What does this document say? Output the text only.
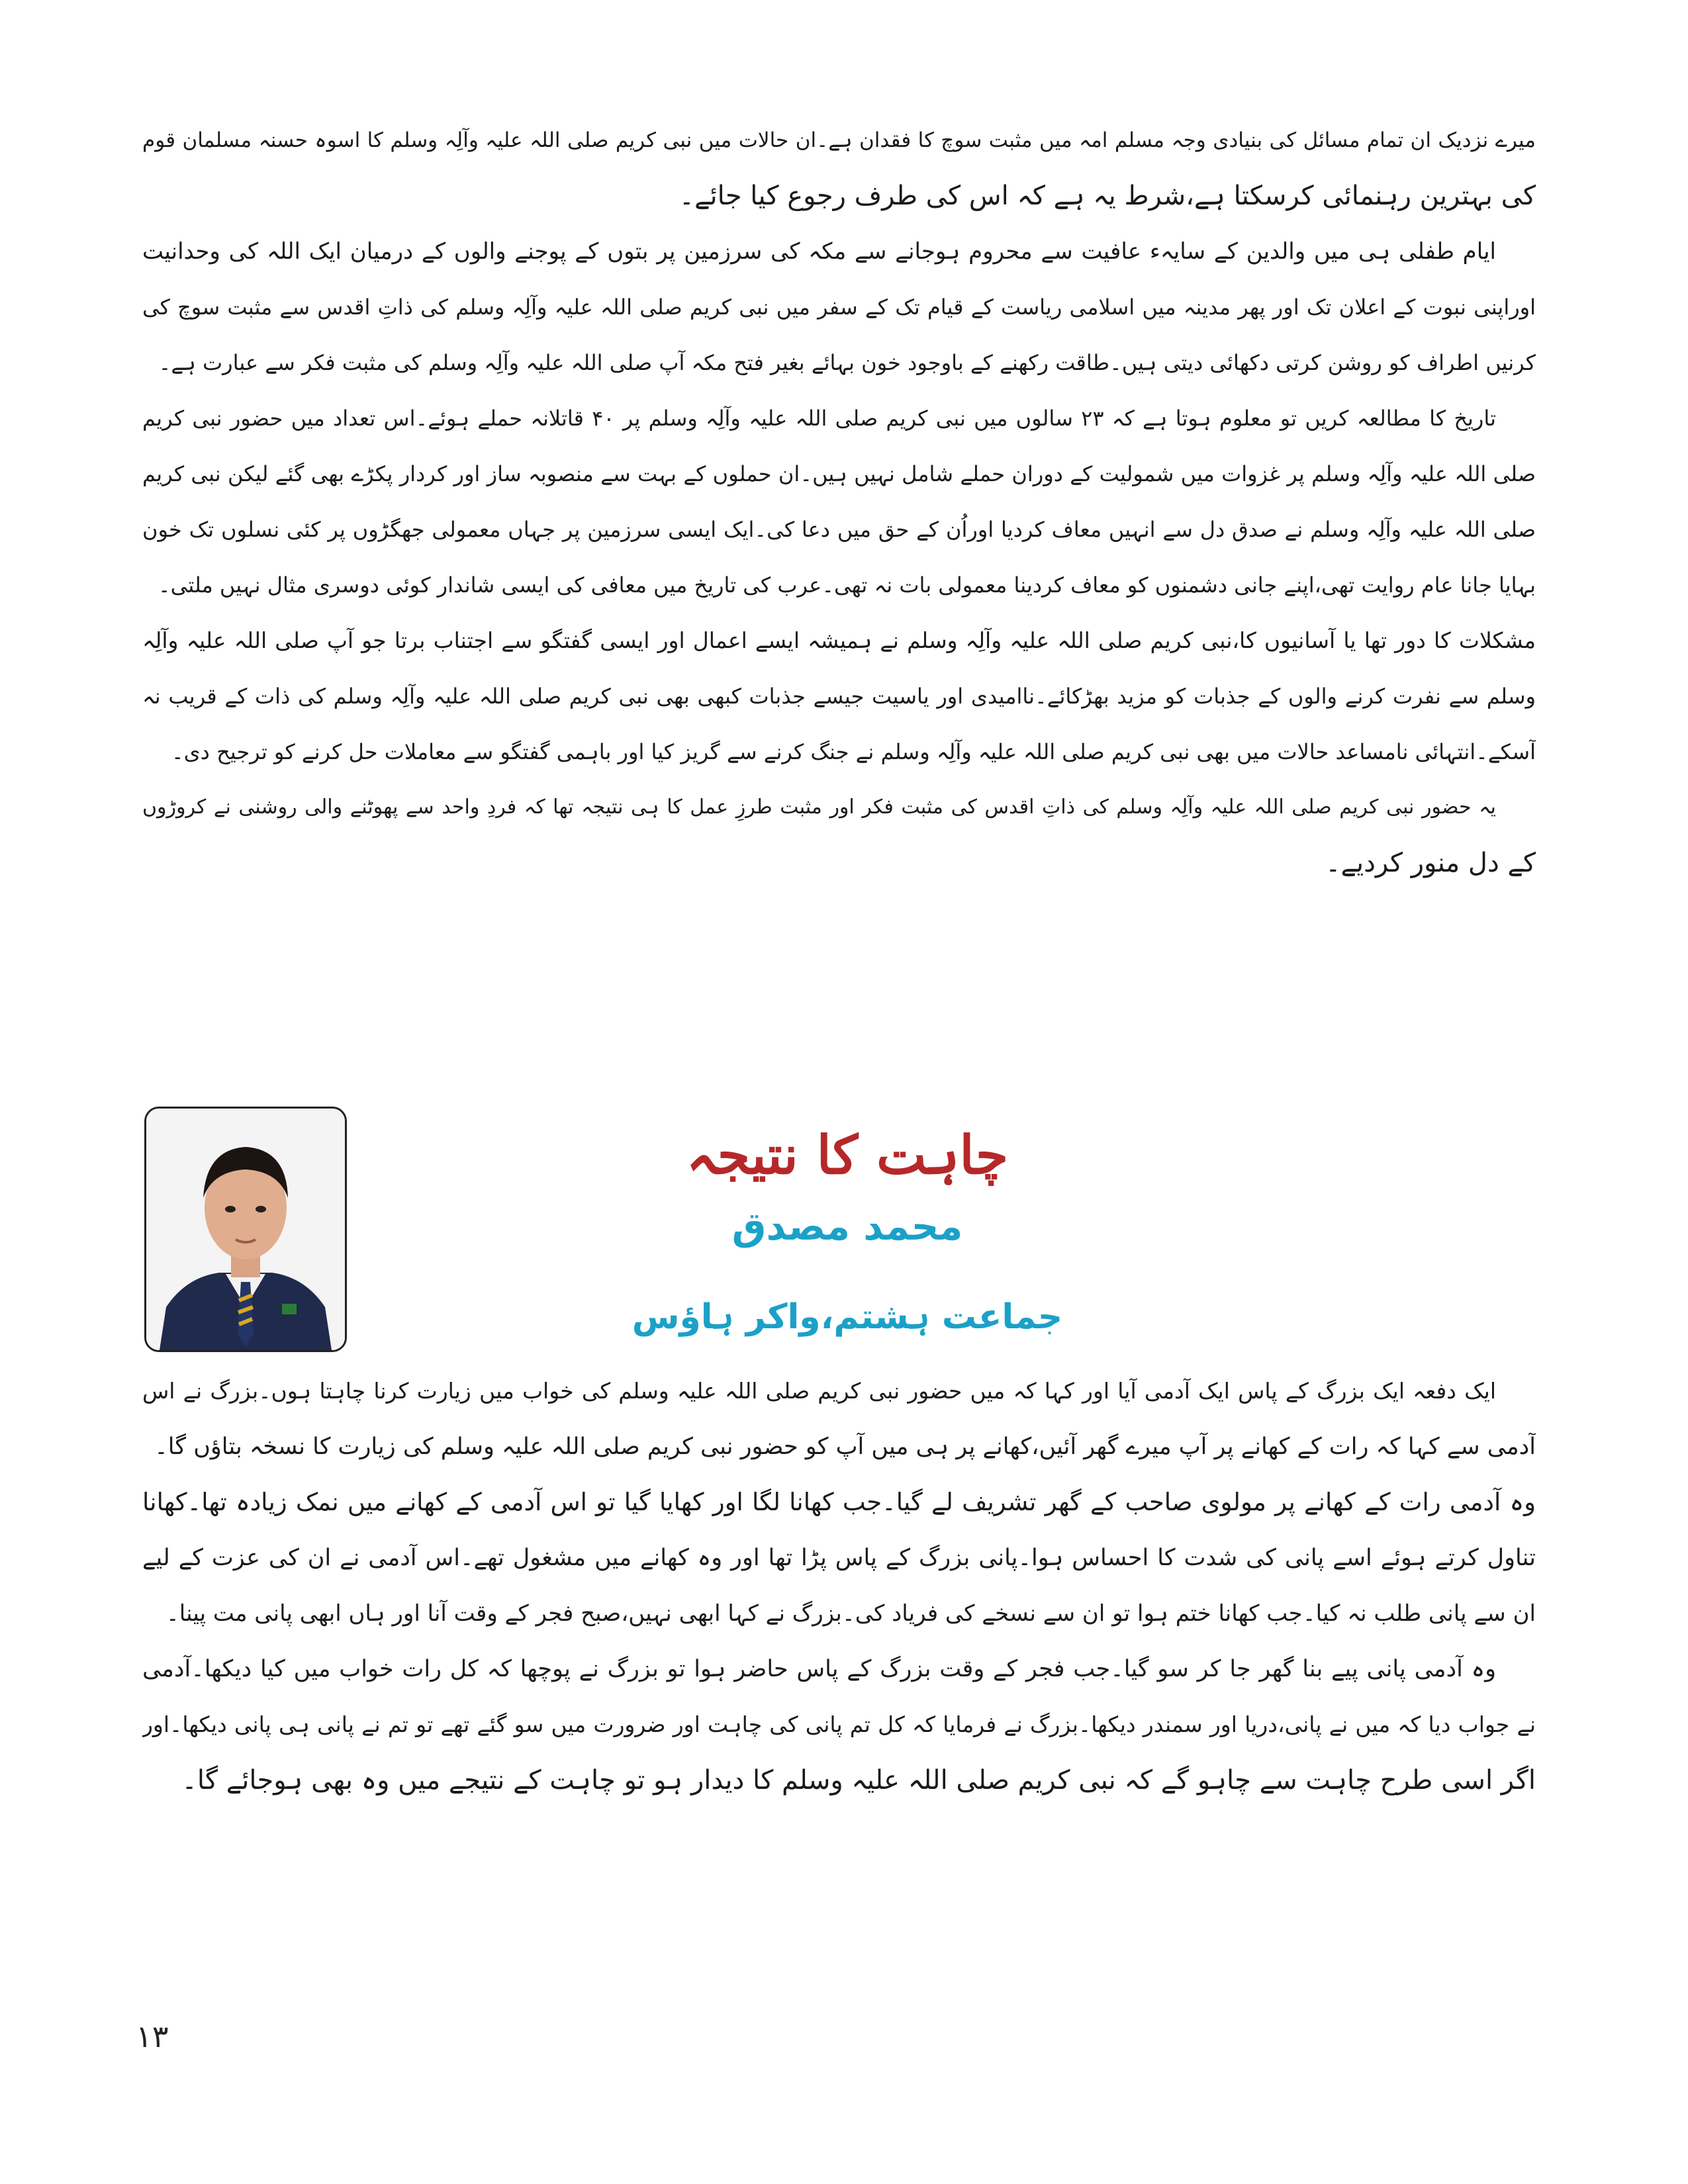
میرے نزدیک ان تمام مسائل کی بنیادی وجہ مسلم امہ میں مثبت سوچ کا فقدان ہے۔ان حالات میں نبی کریم صلی اللہ علیہ وآلِہ وسلم کا اسوہ حسنہ مسلمان قوم
کی بہترین رہنمائی کرسکتا ہے،شرط یہ ہے کہ اس کی طرف رجوع کیا جائے۔

ایام طفلی ہی میں والدین کے سایہء عافیت سے محروم ہوجانے سے مکہ کی سرزمین پر بتوں کے پوجنے والوں کے درمیان ایک اللہ کی وحدانیت
اوراپنی نبوت کے اعلان تک اور پھر مدینہ میں اسلامی ریاست کے قیام تک کے سفر میں نبی کریم صلی اللہ علیہ وآلِہ وسلم کی ذاتِ اقدس سے مثبت سوچ کی
کرنیں اطراف کو روشن کرتی دکھائی دیتی ہیں۔طاقت رکھنے کے باوجود خون بہائے بغیر فتح مکہ آپ صلی اللہ علیہ وآلِہ وسلم کی مثبت فکر سے عبارت ہے۔

تاریخ کا مطالعہ کریں تو معلوم ہوتا ہے کہ ۲۳ سالوں میں نبی کریم صلی اللہ علیہ وآلِہ وسلم پر ۴۰ قاتلانہ حملے ہوئے۔اس تعداد میں حضور نبی کریم
صلی اللہ علیہ وآلِہ وسلم پر غزوات میں شمولیت کے دوران حملے شامل نہیں ہیں۔ان حملوں کے بہت سے منصوبہ ساز اور کردار پکڑے بھی گئے لیکن نبی کریم
صلی اللہ علیہ وآلِہ وسلم نے صدق دل سے انہیں معاف کردیا اوراُن کے حق میں دعا کی۔ایک ایسی سرزمین پر جہاں معمولی جھگڑوں پر کئی نسلوں تک خون
بہایا جانا عام روایت تھی،اپنے جانی دشمنوں کو معاف کردینا معمولی بات نہ تھی۔عرب کی تاریخ میں معافی کی ایسی شاندار کوئی دوسری مثال نہیں ملتی۔

مشکلات کا دور تھا یا آسانیوں کا،نبی کریم صلی اللہ علیہ وآلِہ وسلم نے ہمیشہ ایسے اعمال اور ایسی گفتگو سے اجتناب برتا جو آپ صلی اللہ علیہ وآلِہ
وسلم سے نفرت کرنے والوں کے جذبات کو مزید بھڑکائے۔ناامیدی اور یاسیت جیسے جذبات کبھی بھی نبی کریم صلی اللہ علیہ وآلِہ وسلم کی ذات کے قریب نہ
آسکے۔انتہائی نامساعد حالات میں بھی نبی کریم صلی اللہ علیہ وآلِہ وسلم نے جنگ کرنے سے گریز کیا اور باہمی گفتگو سے معاملات حل کرنے کو ترجیح دی۔

یہ حضور نبی کریم صلی اللہ علیہ وآلِہ وسلم کی ذاتِ اقدس کی مثبت فکر اور مثبت طرزِ عمل کا ہی نتیجہ تھا کہ فردِ واحد سے پھوٹنے والی روشنی نے کروڑوں
کے دل منور کردیے۔

چاہت کا نتیجہ
محمد مصدق
جماعت ہشتم،واکر ہاؤس

ایک دفعہ ایک بزرگ کے پاس ایک آدمی آیا اور کہا کہ میں حضور نبی کریم صلی اللہ علیہ وسلم کی خواب میں زیارت کرنا چاہتا ہوں۔بزرگ نے اس
آدمی سے کہا کہ رات کے کھانے پر آپ میرے گھر آئیں،کھانے پر ہی میں آپ کو حضور نبی کریم صلی اللہ علیہ وسلم کی زیارت کا نسخہ بتاؤں گا۔

وہ آدمی رات کے کھانے پر مولوی صاحب کے گھر تشریف لے گیا۔جب کھانا لگا اور کھایا گیا تو اس آدمی کے کھانے میں نمک زیادہ تھا۔کھانا
تناول کرتے ہوئے اسے پانی کی شدت کا احساس ہوا۔پانی بزرگ کے پاس پڑا تھا اور وہ کھانے میں مشغول تھے۔اس آدمی نے ان کی عزت کے لیے
ان سے پانی طلب نہ کیا۔جب کھانا ختم ہوا تو ان سے نسخے کی فریاد کی۔بزرگ نے کہا ابھی نہیں،صبح فجر کے وقت آنا اور ہاں ابھی پانی مت پینا۔

وہ آدمی پانی پیے بنا گھر جا کر سو گیا۔جب فجر کے وقت بزرگ کے پاس حاضر ہوا تو بزرگ نے پوچھا کہ کل رات خواب میں کیا دیکھا۔آدمی
نے جواب دیا کہ میں نے پانی،دریا اور سمندر دیکھا۔بزرگ نے فرمایا کہ کل تم پانی کی چاہت اور ضرورت میں سو گئے تھے تو تم نے پانی ہی پانی دیکھا۔اور
اگر اسی طرح چاہت سے چاہو گے کہ نبی کریم صلی اللہ علیہ وسلم کا دیدار ہو تو چاہت کے نتیجے میں وہ بھی ہوجائے گا۔

۱۳
